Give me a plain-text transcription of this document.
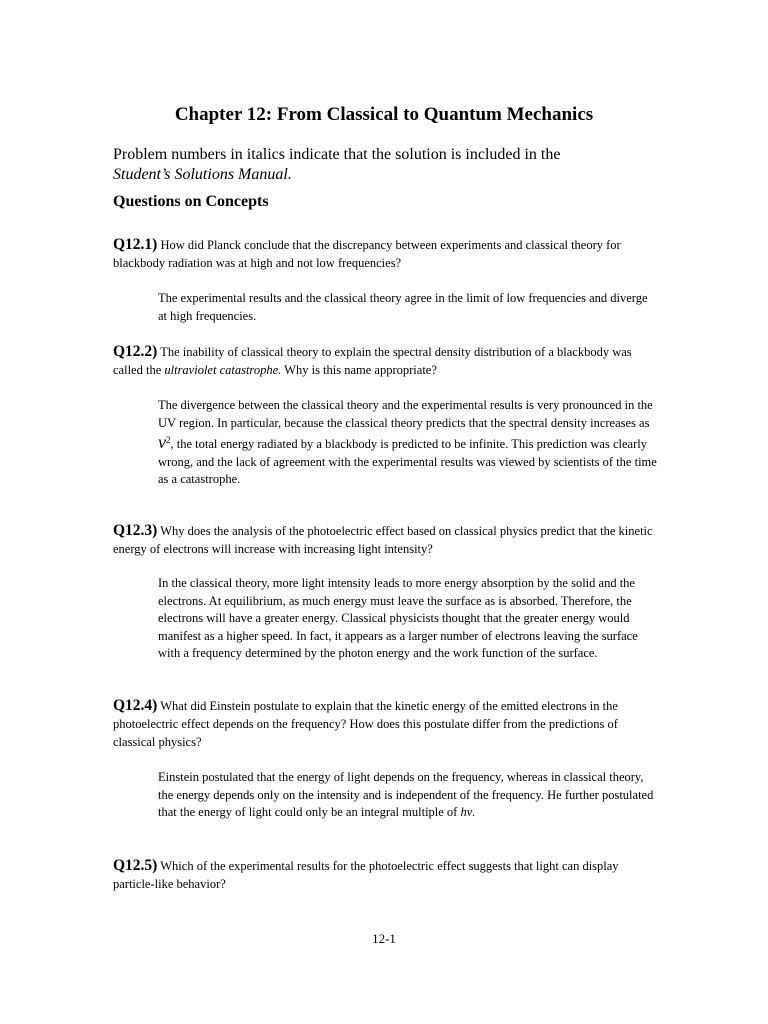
Chapter 12: From Classical to Quantum Mechanics
Problem numbers in italics indicate that the solution is included in the
Student’s Solutions Manual.
Questions on Concepts
Q12.1) How did Planck conclude that the discrepancy between experiments and classical theory for blackbody radiation was at high and not low frequencies?
The experimental results and the classical theory agree in the limit of low frequencies and diverge at high frequencies.
Q12.2) The inability of classical theory to explain the spectral density distribution of a blackbody was called the ultraviolet catastrophe. Why is this name appropriate?
The divergence between the classical theory and the experimental results is very pronounced in the UV region. In particular, because the classical theory predicts that the spectral density increases as $\nu^2$, the total energy radiated by a blackbody is predicted to be infinite. This prediction was clearly wrong, and the lack of agreement with the experimental results was viewed by scientists of the time as a catastrophe.
Q12.3) Why does the analysis of the photoelectric effect based on classical physics predict that the kinetic energy of electrons will increase with increasing light intensity?
In the classical theory, more light intensity leads to more energy absorption by the solid and the electrons. At equilibrium, as much energy must leave the surface as is absorbed. Therefore, the electrons will have a greater energy. Classical physicists thought that the greater energy would manifest as a higher speed. In fact, it appears as a larger number of electrons leaving the surface with a frequency determined by the photon energy and the work function of the surface.
Q12.4) What did Einstein postulate to explain that the kinetic energy of the emitted electrons in the photoelectric effect depends on the frequency? How does this postulate differ from the predictions of classical physics?
Einstein postulated that the energy of light depends on the frequency, whereas in classical theory, the energy depends only on the intensity and is independent of the frequency. He further postulated that the energy of light could only be an integral multiple of hν.
Q12.5) Which of the experimental results for the photoelectric effect suggests that light can display particle-like behavior?
12-1
